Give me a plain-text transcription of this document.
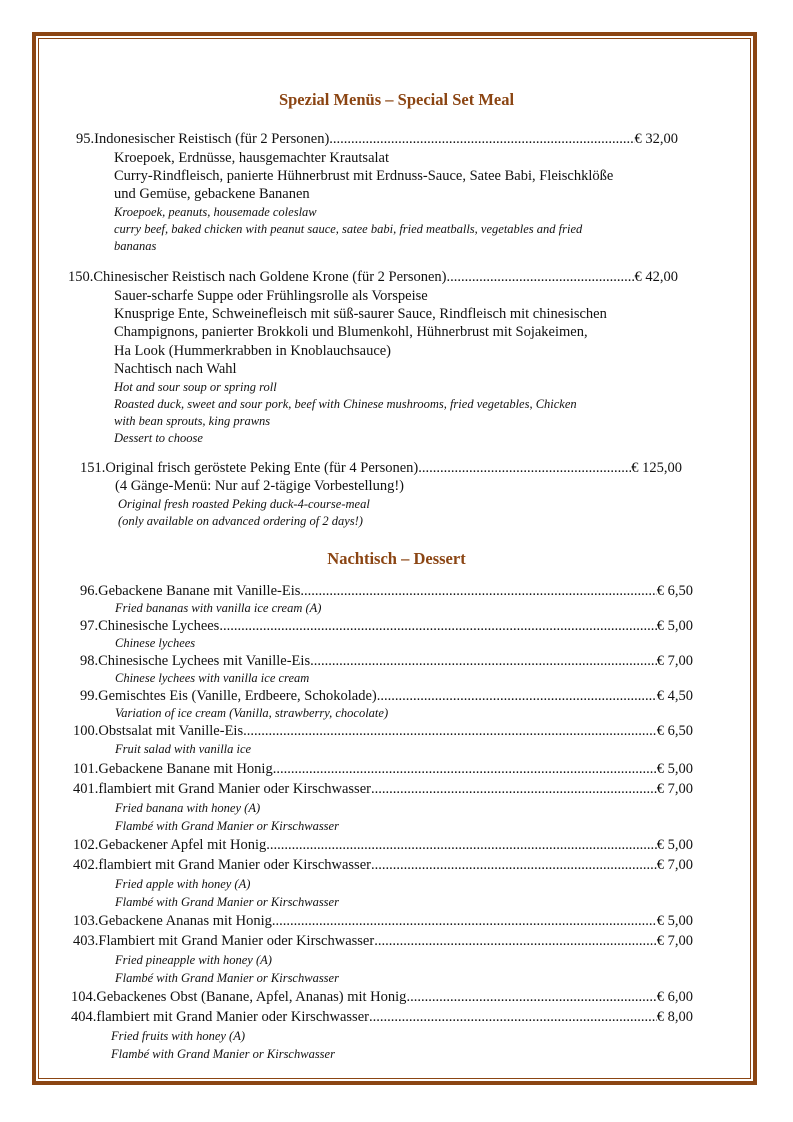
Spezial Menüs – Special Set Meal
95. Indonesischer Reistisch (für 2 Personen) .....	€ 32,00
Kroepoek, Erdnüsse, hausgemachter Krautsalat
Curry-Rindfleisch, panierte Hühnerbrust mit Erdnuss-Sauce, Satee Babi, Fleischklöße
und Gemüse, gebackene Bananen
Kroepoek, peanuts, housemade coleslaw
curry beef, baked chicken with peanut sauce, satee babi, fried meatballs, vegetables and fried
bananas
150. Chinesischer Reistisch nach Goldene Krone (für 2 Personen) .....	€ 42,00
Sauer-scharfe Suppe oder Frühlingsrolle als Vorspeise
Knusprige Ente, Schweinefleisch mit süß-saurer Sauce, Rindfleisch mit chinesischen
Champignons, panierter Brokkoli und Blumenkohl, Hühnerbrust mit Sojakeimen,
Ha Look (Hummerkrabben in Knoblauchsauce)
Nachtisch nach Wahl
Hot and sour soup or spring roll
Roasted duck, sweet and sour pork, beef with Chinese mushrooms, fried vegetables, Chicken
with bean sprouts, king prawns
Dessert to choose
151. Original frisch geröstete Peking Ente (für 4 Personen) .....	€ 125,00
(4 Gänge-Menü: Nur auf 2-tägige Vorbestellung!)
Original fresh roasted Peking duck-4-course-meal
(only available on advanced ordering of 2 days!)
Nachtisch – Dessert
96. Gebackene Banane mit Vanille-Eis .....	€ 6,50
Fried bananas with vanilla ice cream (A)
97. Chinesische Lychees .....	€ 5,00
Chinese lychees
98. Chinesische Lychees mit Vanille-Eis .....	€ 7,00
Chinese lychees with vanilla ice cream
99. Gemischtes Eis (Vanille, Erdbeere, Schokolade) .....	€ 4,50
Variation of ice cream (Vanilla, strawberry, chocolate)
100. Obstsalat mit Vanille-Eis .....	€ 6,50
Fruit salad with vanilla ice
101. Gebackene Banane mit Honig .....	€ 5,00
401. flambiert mit Grand Manier oder Kirschwasser .....	€ 7,00
Fried banana with honey (A)
Flambé with Grand Manier or Kirschwasser
102. Gebackener Apfel mit Honig .....	€ 5,00
402. flambiert mit Grand Manier oder Kirschwasser .....	€ 7,00
Fried apple with honey (A)
Flambé with Grand Manier or Kirschwasser
103. Gebackene Ananas mit Honig .....	€ 5,00
403. Flambiert mit Grand Manier oder Kirschwasser .....	€ 7,00
Fried pineapple with honey (A)
Flambé with Grand Manier or Kirschwasser
104. Gebackenes Obst (Banane, Apfel, Ananas) mit Honig .....	€ 6,00
404. flambiert mit Grand Manier oder Kirschwasser .....	€ 8,00
Fried fruits with honey (A)
Flambé with Grand Manier or Kirschwasser
